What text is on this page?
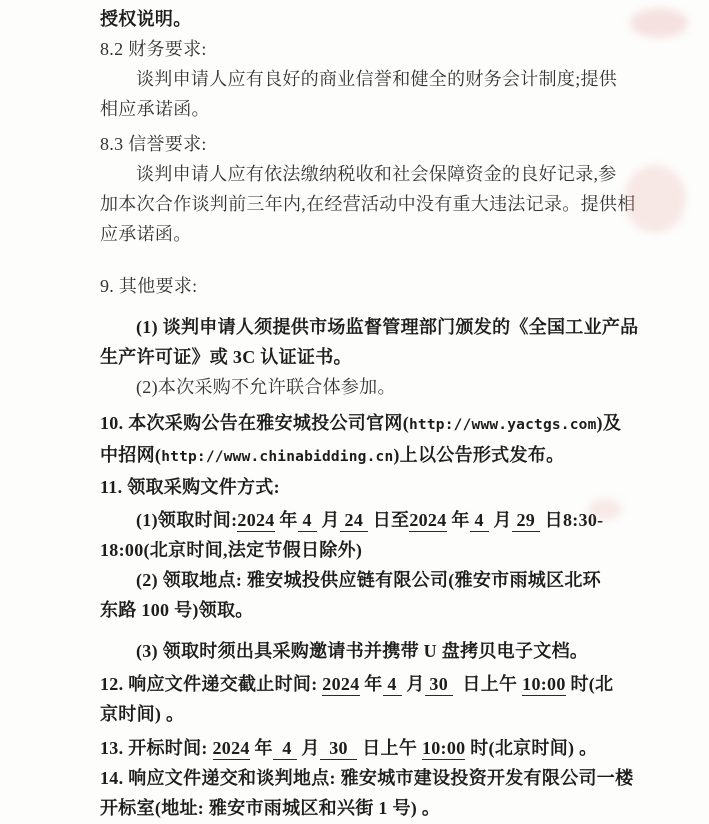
授权说明。
8.2 财务要求:
谈判申请人应有良好的商业信誉和健全的财务会计制度;提供
相应承诺函。
8.3 信誉要求:
谈判申请人应有依法缴纳税收和社会保障资金的良好记录,参
加本次合作谈判前三年内,在经营活动中没有重大违法记录。提供相
应承诺函。
9. 其他要求:
(1) 谈判申请人须提供市场监督管理部门颁发的《全国工业产品
生产许可证》或 3C 认证证书。
(2)本次采购不允许联合体参加。
10. 本次采购公告在雅安城投公司官网(http://www.yactgs.com)及
中招网(http://www.chinabidding.cn)上以公告形式发布。
11. 领取采购文件方式:
(1)领取时间:2024 年 4  月 24  日至2024 年 4  月 29  日8:30-
18:00(北京时间,法定节假日除外)
(2) 领取地点: 雅安城投供应链有限公司(雅安市雨城区北环
东路 100 号)领取。
(3) 领取时须出具采购邀请书并携带 U 盘拷贝电子文档。
12. 响应文件递交截止时间: 2024 年 4  月 30   日上午 10:00 时(北
京时间) 。
13. 开标时间: 2024 年  4  月  30   日上午 10:00 时(北京时间) 。
14. 响应文件递交和谈判地点: 雅安城市建设投资开发有限公司一楼
开标室(地址: 雅安市雨城区和兴街 1 号) 。
